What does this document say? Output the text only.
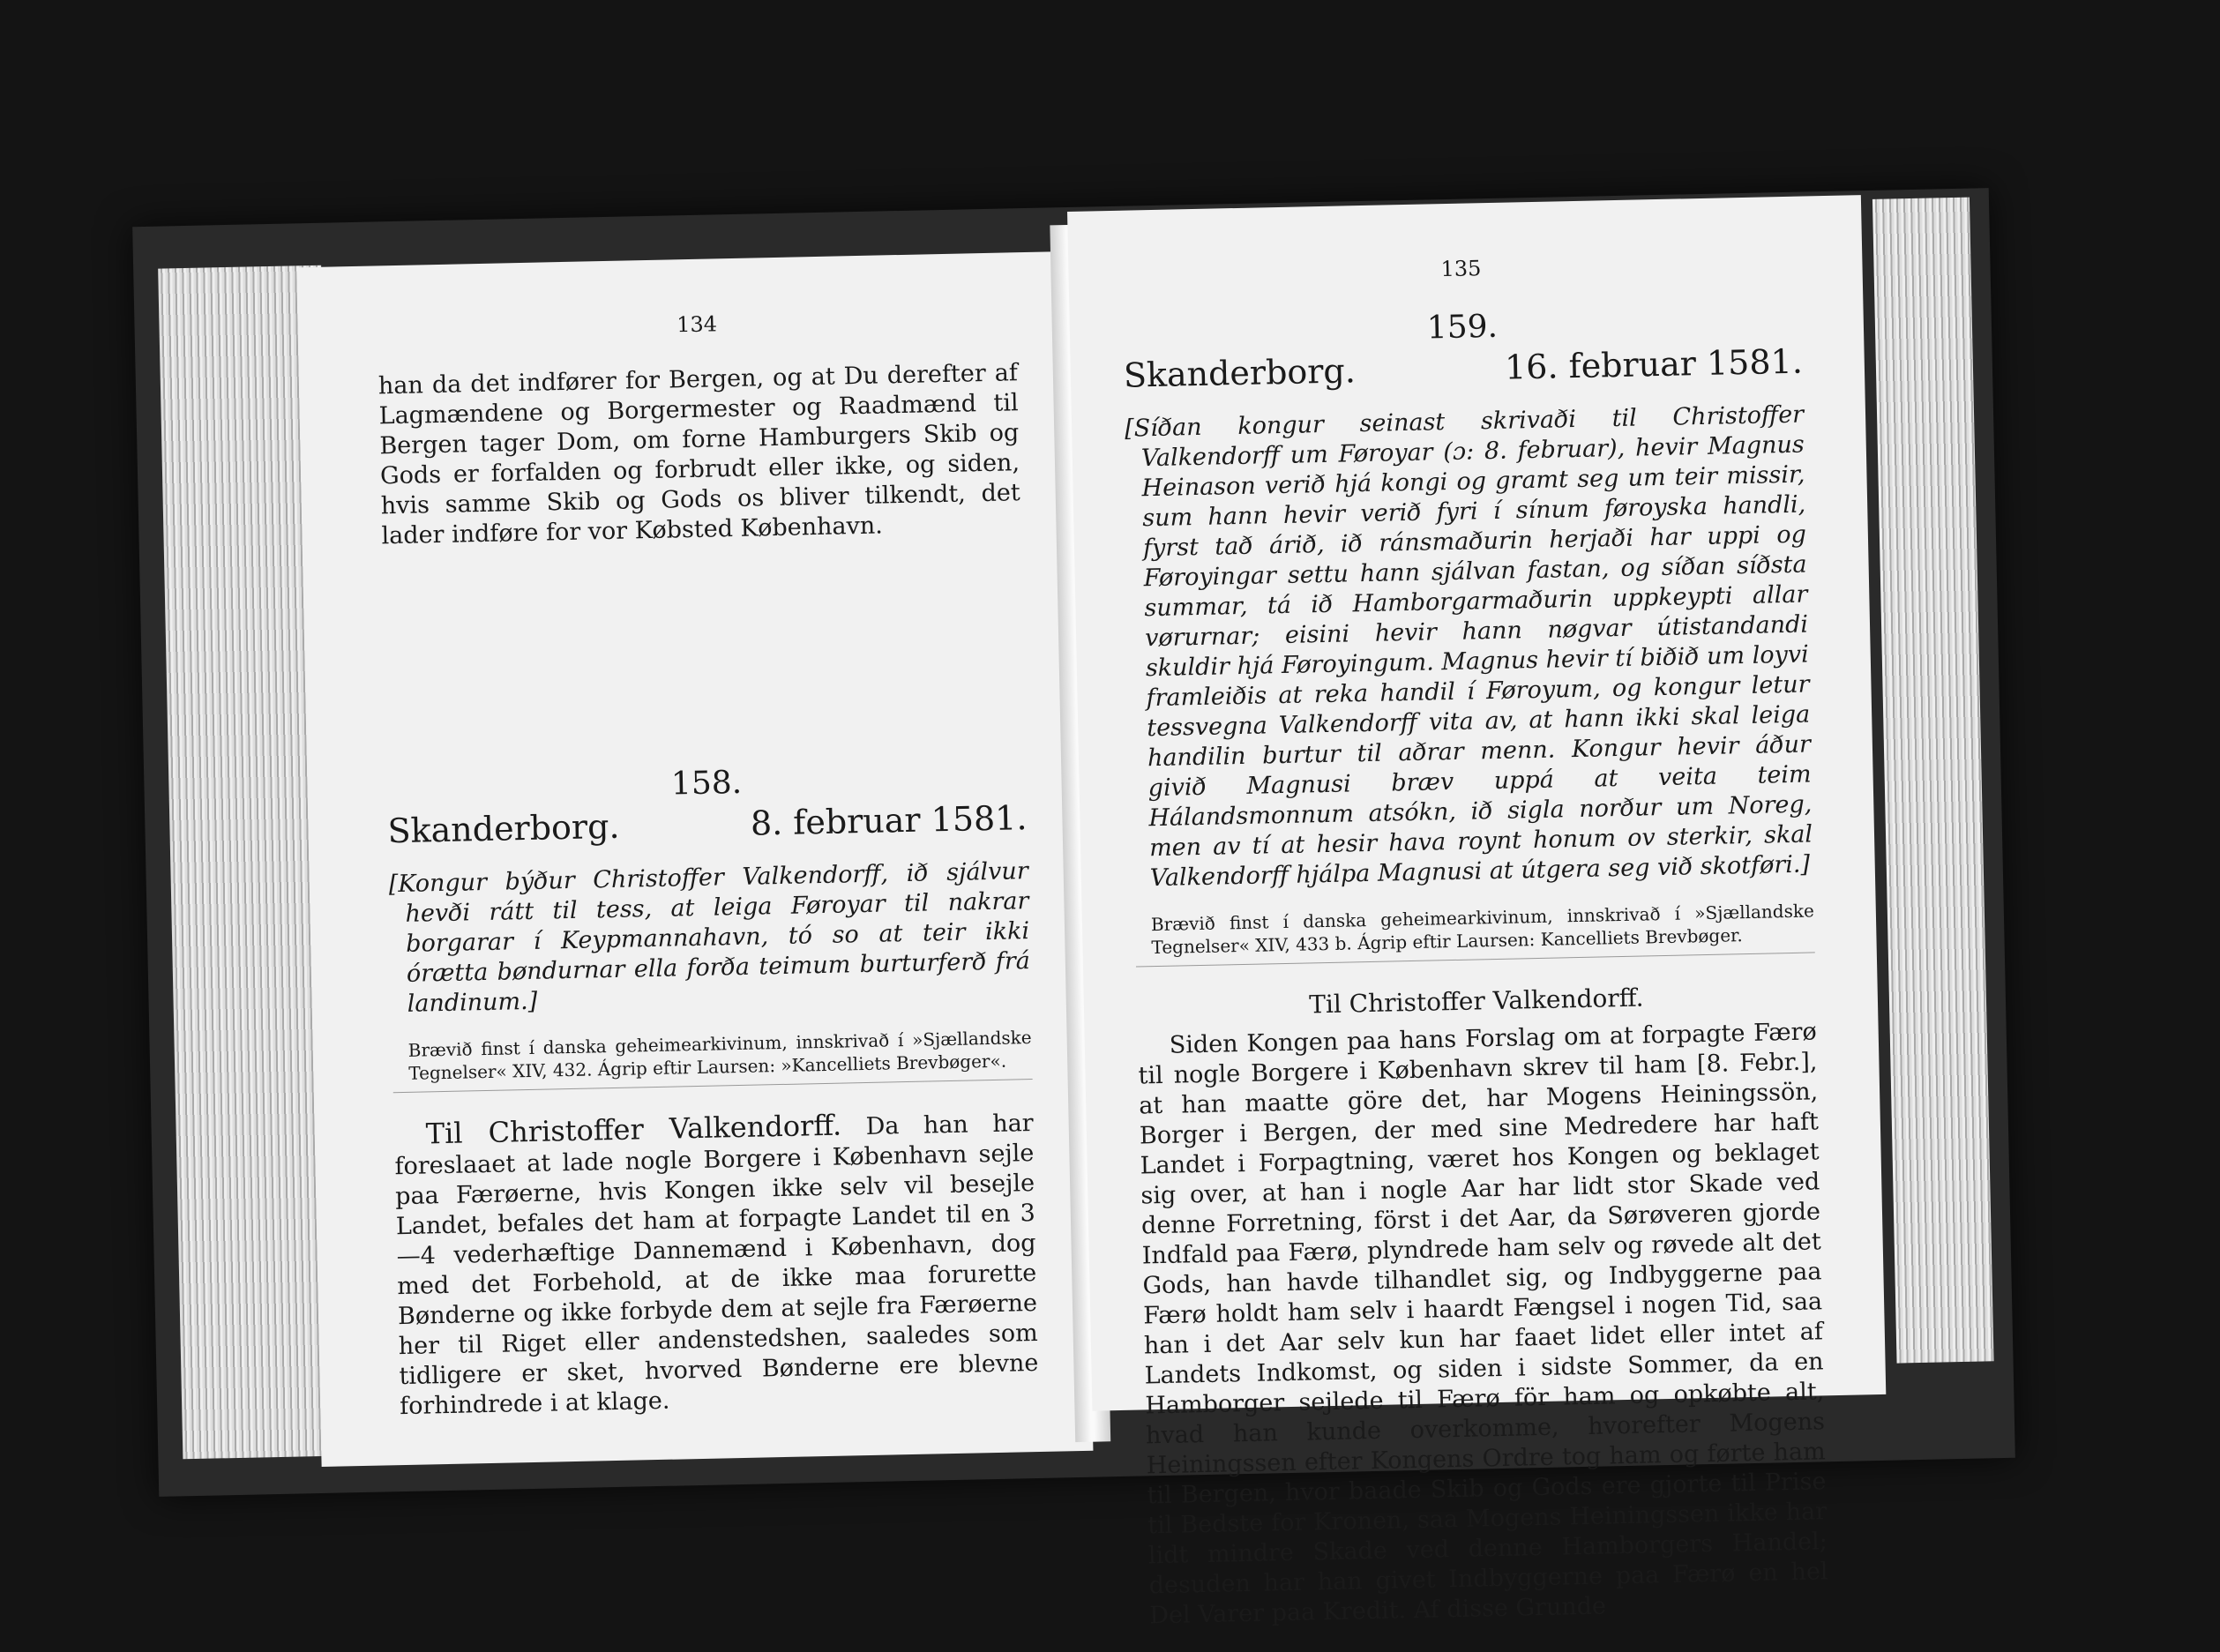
134

han da det indfører for Bergen, og at Du derefter af Lagmændene og Borgermester og Raadmænd til Bergen tager Dom, om forne Hamburgers Skib og Gods er forfalden og forbrudt eller ikke, og siden, hvis samme Skib og Gods os bliver tilkendt, det lader indføre for vor Købsted København.

158.

Skanderborg.	8. februar 1581.

[Kongur býður Christoffer Valkendorff, ið sjálvur hevði rátt til tess, at leiga Føroyar til nakrar borgarar í Keypmannahavn, tó so at teir ikki órætta bøndurnar ella forða teimum burturferð frá landinum.]

Brævið finst í danska geheimearkivinum, innskrivað í »Sjællandske Tegnelser« XIV, 432. Ágrip eftir Laursen: »Kancelliets Brevbøger«.

Til Christoffer Valkendorff. Da han har foreslaaet at lade nogle Borgere i København sejle paa Færøerne, hvis Kongen ikke selv vil besejle Landet, befales det ham at forpagte Landet til en 3—4 vederhæftige Dannemænd i København, dog med det Forbehold, at de ikke maa forurette Bønderne og ikke forbyde dem at sejle fra Færøerne her til Riget eller andenstedshen, saaledes som tidligere er sket, hvorved Bønderne ere blevne forhindrede i at klage.

135

159.

Skanderborg.	16. februar 1581.

[Síðan kongur seinast skrivaði til Christoffer Valkendorff um Føroyar (ɔ: 8. februar), hevir Magnus Heinason verið hjá kongi og gramt seg um teir missir, sum hann hevir verið fyri í sínum føroyska handli, fyrst tað árið, ið ránsmaðurin herjaði har uppi og Føroyingar settu hann sjálvan fastan, og síðan síðsta summar, tá ið Hamborgarmaðurin uppkeypti allar vørurnar; eisini hevir hann nøgvar útistandandi skuldir hjá Føroyingum. Magnus hevir tí biðið um loyvi framleiðis at reka handil í Føroyum, og kongur letur tessvegna Valkendorff vita av, at hann ikki skal leiga handilin burtur til aðrar menn. Kongur hevir áður givið Magnusi bræv uppá at veita teim Hálandsmonnum atsókn, ið sigla norður um Noreg, men av tí at hesir hava roynt honum ov sterkir, skal Valkendorff hjálpa Magnusi at útgera seg við skotføri.]

Brævið finst í danska geheimearkivinum, innskrivað í »Sjællandske Tegnelser« XIV, 433 b. Ágrip eftir Laursen: Kancelliets Brevbøger.

Til Christoffer Valkendorff.

Siden Kongen paa hans Forslag om at forpagte Færø til nogle Borgere i København skrev til ham [8. Febr.], at han maatte göre det, har Mogens Heiningssön, Borger i Bergen, der med sine Medredere har haft Landet i Forpagtning, været hos Kongen og beklaget sig over, at han i nogle Aar har lidt stor Skade ved denne Forretning, först i det Aar, da Sørøveren gjorde Indfald paa Færø, plyndrede ham selv og røvede alt det Gods, han havde tilhandlet sig, og Indbyggerne paa Færø holdt ham selv i haardt Fængsel i nogen Tid, saa han i det Aar selv kun har faaet lidet eller intet af Landets Indkomst, og siden i sidste Sommer, da en Hamborger sejlede til Færø för ham og opkøbte alt, hvad han kunde overkomme, hvorefter Mogens Heiningssen efter Kongens Ordre tog ham og førte ham til Bergen, hvor baade Skib og Gods ere gjorte til Prise til Bedste for Kronen, saa Mogens Heiningssen ikke har lidt mindre Skade ved denne Hamborgers Handel; desuden har han givet Indbyggerne paa Færø en hel Del Varer paa Kredit. Af disse Grunde
